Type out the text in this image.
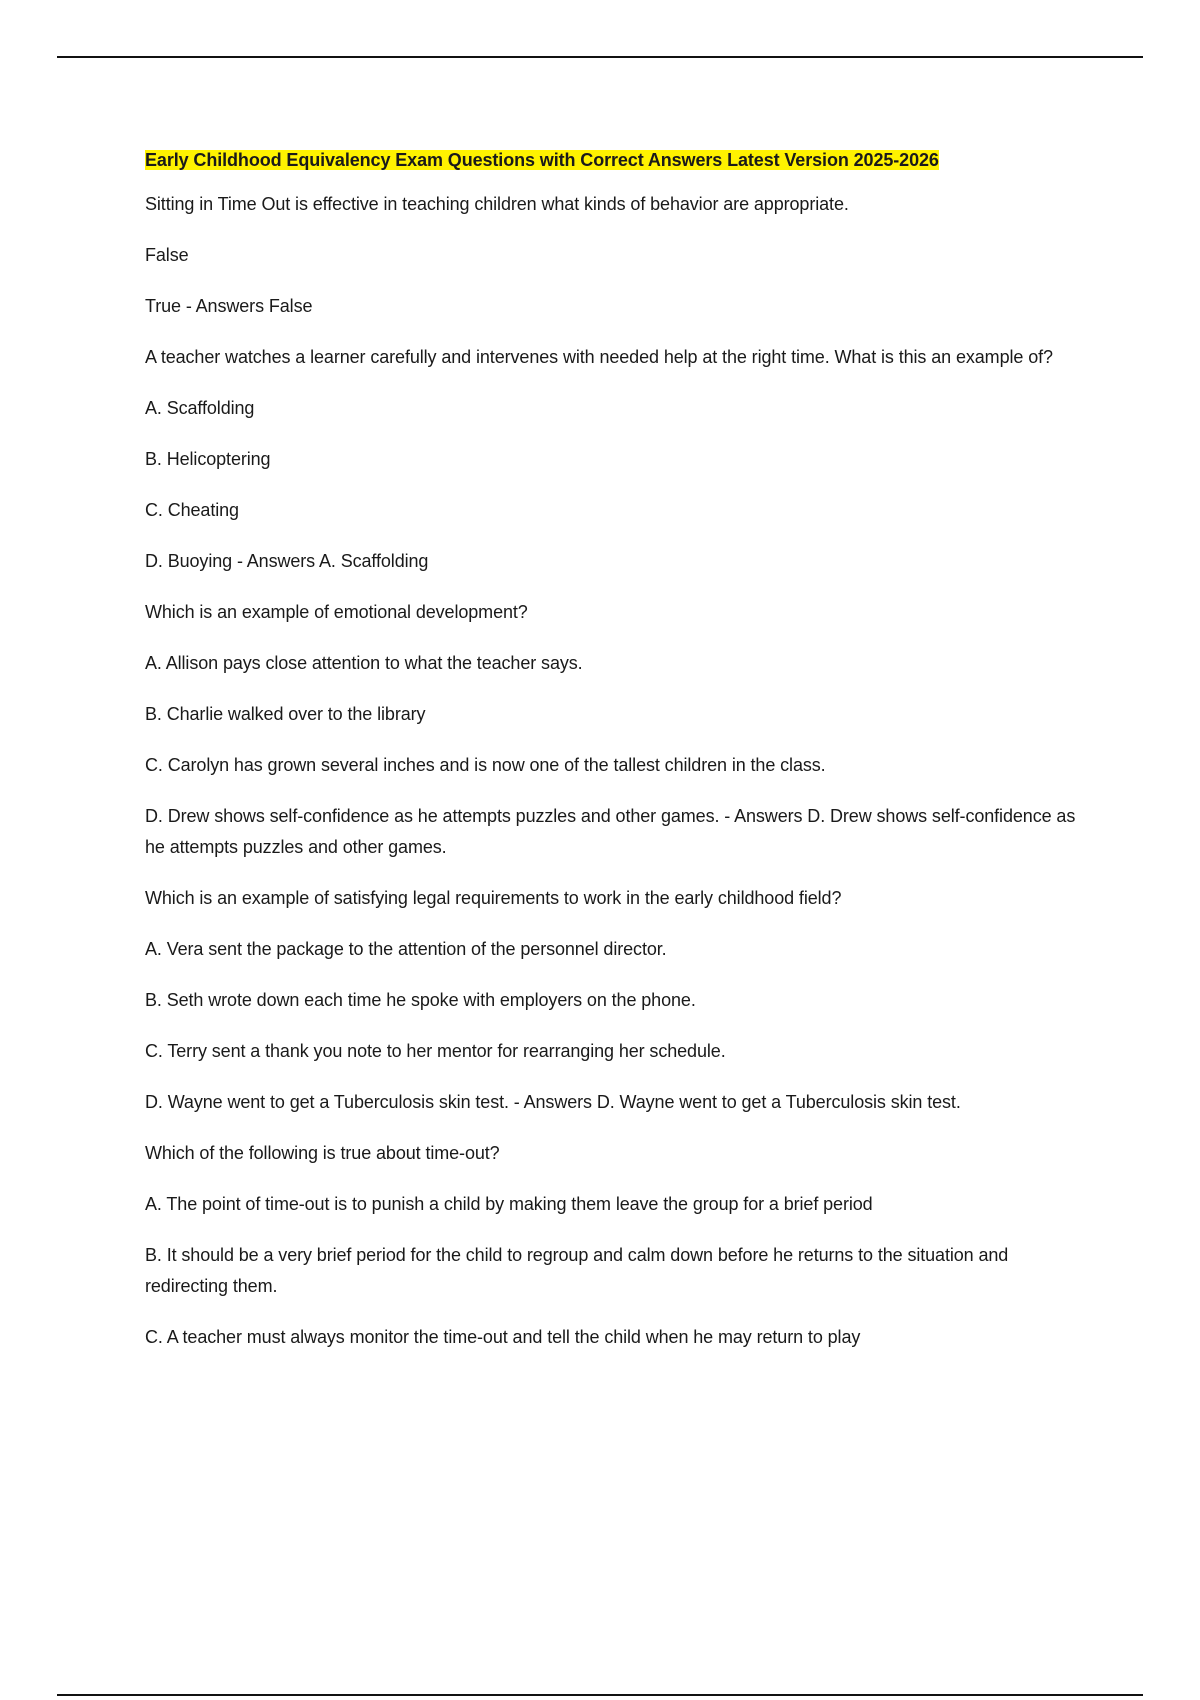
Early Childhood Equivalency Exam Questions with Correct Answers Latest Version 2025-2026

Sitting in Time Out is effective in teaching children what kinds of behavior are appropriate.

False

True - Answers False

A teacher watches a learner carefully and intervenes with needed help at the right time. What is this an example of?

A. Scaffolding

B. Helicoptering

C. Cheating

D. Buoying - Answers A. Scaffolding

Which is an example of emotional development?

A. Allison pays close attention to what the teacher says.

B. Charlie walked over to the library

C. Carolyn has grown several inches and is now one of the tallest children in the class.

D. Drew shows self-confidence as he attempts puzzles and other games. - Answers D. Drew shows self-confidence as he attempts puzzles and other games.

Which is an example of satisfying legal requirements to work in the early childhood field?

A. Vera sent the package to the attention of the personnel director.

B. Seth wrote down each time he spoke with employers on the phone.

C. Terry sent a thank you note to her mentor for rearranging her schedule.

D. Wayne went to get a Tuberculosis skin test. - Answers D. Wayne went to get a Tuberculosis skin test.

Which of the following is true about time-out?

A. The point of time-out is to punish a child by making them leave the group for a brief period

B. It should be a very brief period for the child to regroup and calm down before he returns to the situation and redirecting them.

C. A teacher must always monitor the time-out and tell the child when he may return to play
